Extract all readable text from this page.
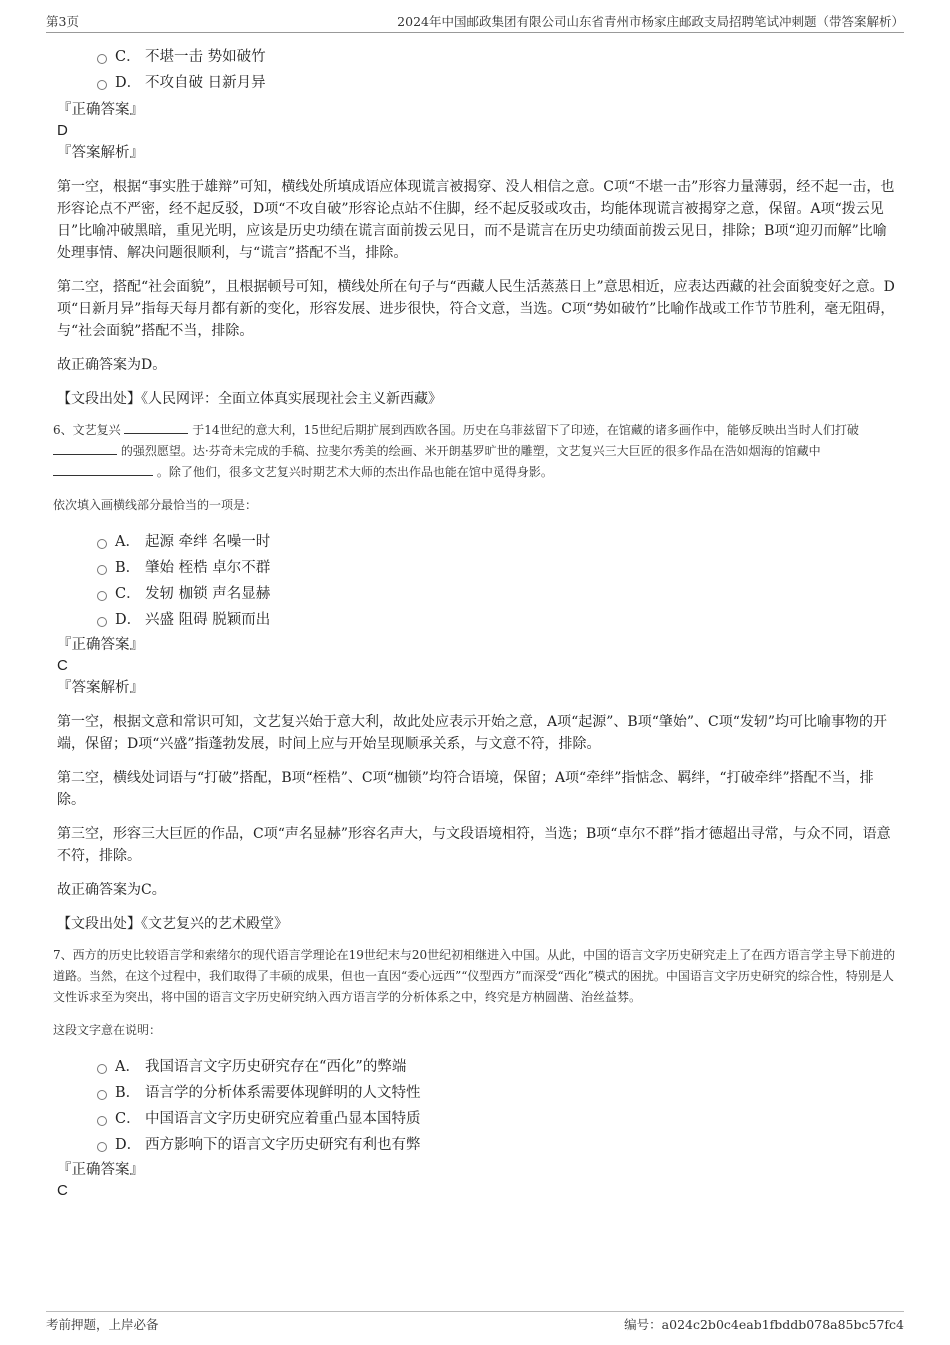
第3页	2024年中国邮政集团有限公司山东省青州市杨家庄邮政支局招聘笔试冲刺题（带答案解析）
C． 不堪一击 势如破竹
D． 不攻自破 日新月异
『正确答案』
D
『答案解析』

第一空，根据“事实胜于雄辩”可知，横线处所填成语应体现谎言被揭穿、没人相信之意。C项“不堪一击”形容力量薄弱，经不起一击，也形容论点不严密，经不起反驳，D项“不攻自破”形容论点站不住脚，经不起反驳或攻击，均能体现谎言被揭穿之意，保留。A项“拨云见日”比喻冲破黑暗，重见光明，应该是历史功绩在谎言面前拨云见日，而不是谎言在历史功绩面前拨云见日，排除；B项“迎刃而解”比喻处理事情、解决问题很顺利，与“谎言”搭配不当，排除。

第二空，搭配“社会面貌”，且根据顿号可知，横线处所在句子与“西藏人民生活蒸蒸日上”意思相近，应表达西藏的社会面貌变好之意。D项“日新月异”指每天每月都有新的变化，形容发展、进步很快，符合文意，当选。C项“势如破竹”比喻作战或工作节节胜利，毫无阻碍，与“社会面貌”搭配不当，排除。

故正确答案为D。

【文段出处】《人民网评：全面立体真实展现社会主义新西藏》

6、文艺复兴	于14世纪的意大利，15世纪后期扩展到西欧各国。历史在乌菲兹留下了印迹，在馆藏的诸多画作中，能够反映出当时人们打破  的强烈愿望。达·芬奇未完成的手稿、拉斐尔秀美的绘画、米开朗基罗旷世的雕塑，文艺复兴三大巨匠的很多作品在浩如烟海的馆藏中  。除了他们，很多文艺复兴时期艺术大师的杰出作品也能在馆中觅得身影。

依次填入画横线部分最恰当的一项是：

A． 起源 牵绊 名噪一时
B． 肇始 桎梏 卓尔不群
C． 发轫 枷锁 声名显赫
D． 兴盛 阻碍 脱颖而出
『正确答案』
C
『答案解析』

第一空，根据文意和常识可知，文艺复兴始于意大利，故此处应表示开始之意，A项“起源”、B项“肇始”、C项“发轫”均可比喻事物的开端，保留；D项“兴盛”指蓬勃发展，时间上应与开始呈现顺承关系，与文意不符，排除。

第二空，横线处词语与“打破”搭配，B项“桎梏”、C项“枷锁”均符合语境，保留；A项“牵绊”指惦念、羁绊，“打破牵绊”搭配不当，排除。

第三空，形容三大巨匠的作品，C项“声名显赫”形容名声大，与文段语境相符，当选；B项“卓尔不群”指才德超出寻常，与众不同，语意不符，排除。

故正确答案为C。

【文段出处】《文艺复兴的艺术殿堂》

7、西方的历史比较语言学和索绪尔的现代语言学理论在19世纪末与20世纪初相继进入中国。从此，中国的语言文字历史研究走上了在西方语言学主导下前进的道路。当然，在这个过程中，我们取得了丰硕的成果，但也一直因“委心远西”“仪型西方”而深受“西化”模式的困扰。中国语言文字历史研究的综合性，特别是人文性诉求至为突出，将中国的语言文字历史研究纳入西方语言学的分析体系之中，终究是方枘圆凿、治丝益棼。

这段文字意在说明：

A． 我国语言文字历史研究存在“西化”的弊端
B． 语言学的分析体系需要体现鲜明的人文特性
C． 中国语言文字历史研究应着重凸显本国特质
D． 西方影响下的语言文字历史研究有利也有弊
『正确答案』
C
考前押题，上岸必备	编号：a024c2b0c4eab1fbddb078a85bc57fc4
